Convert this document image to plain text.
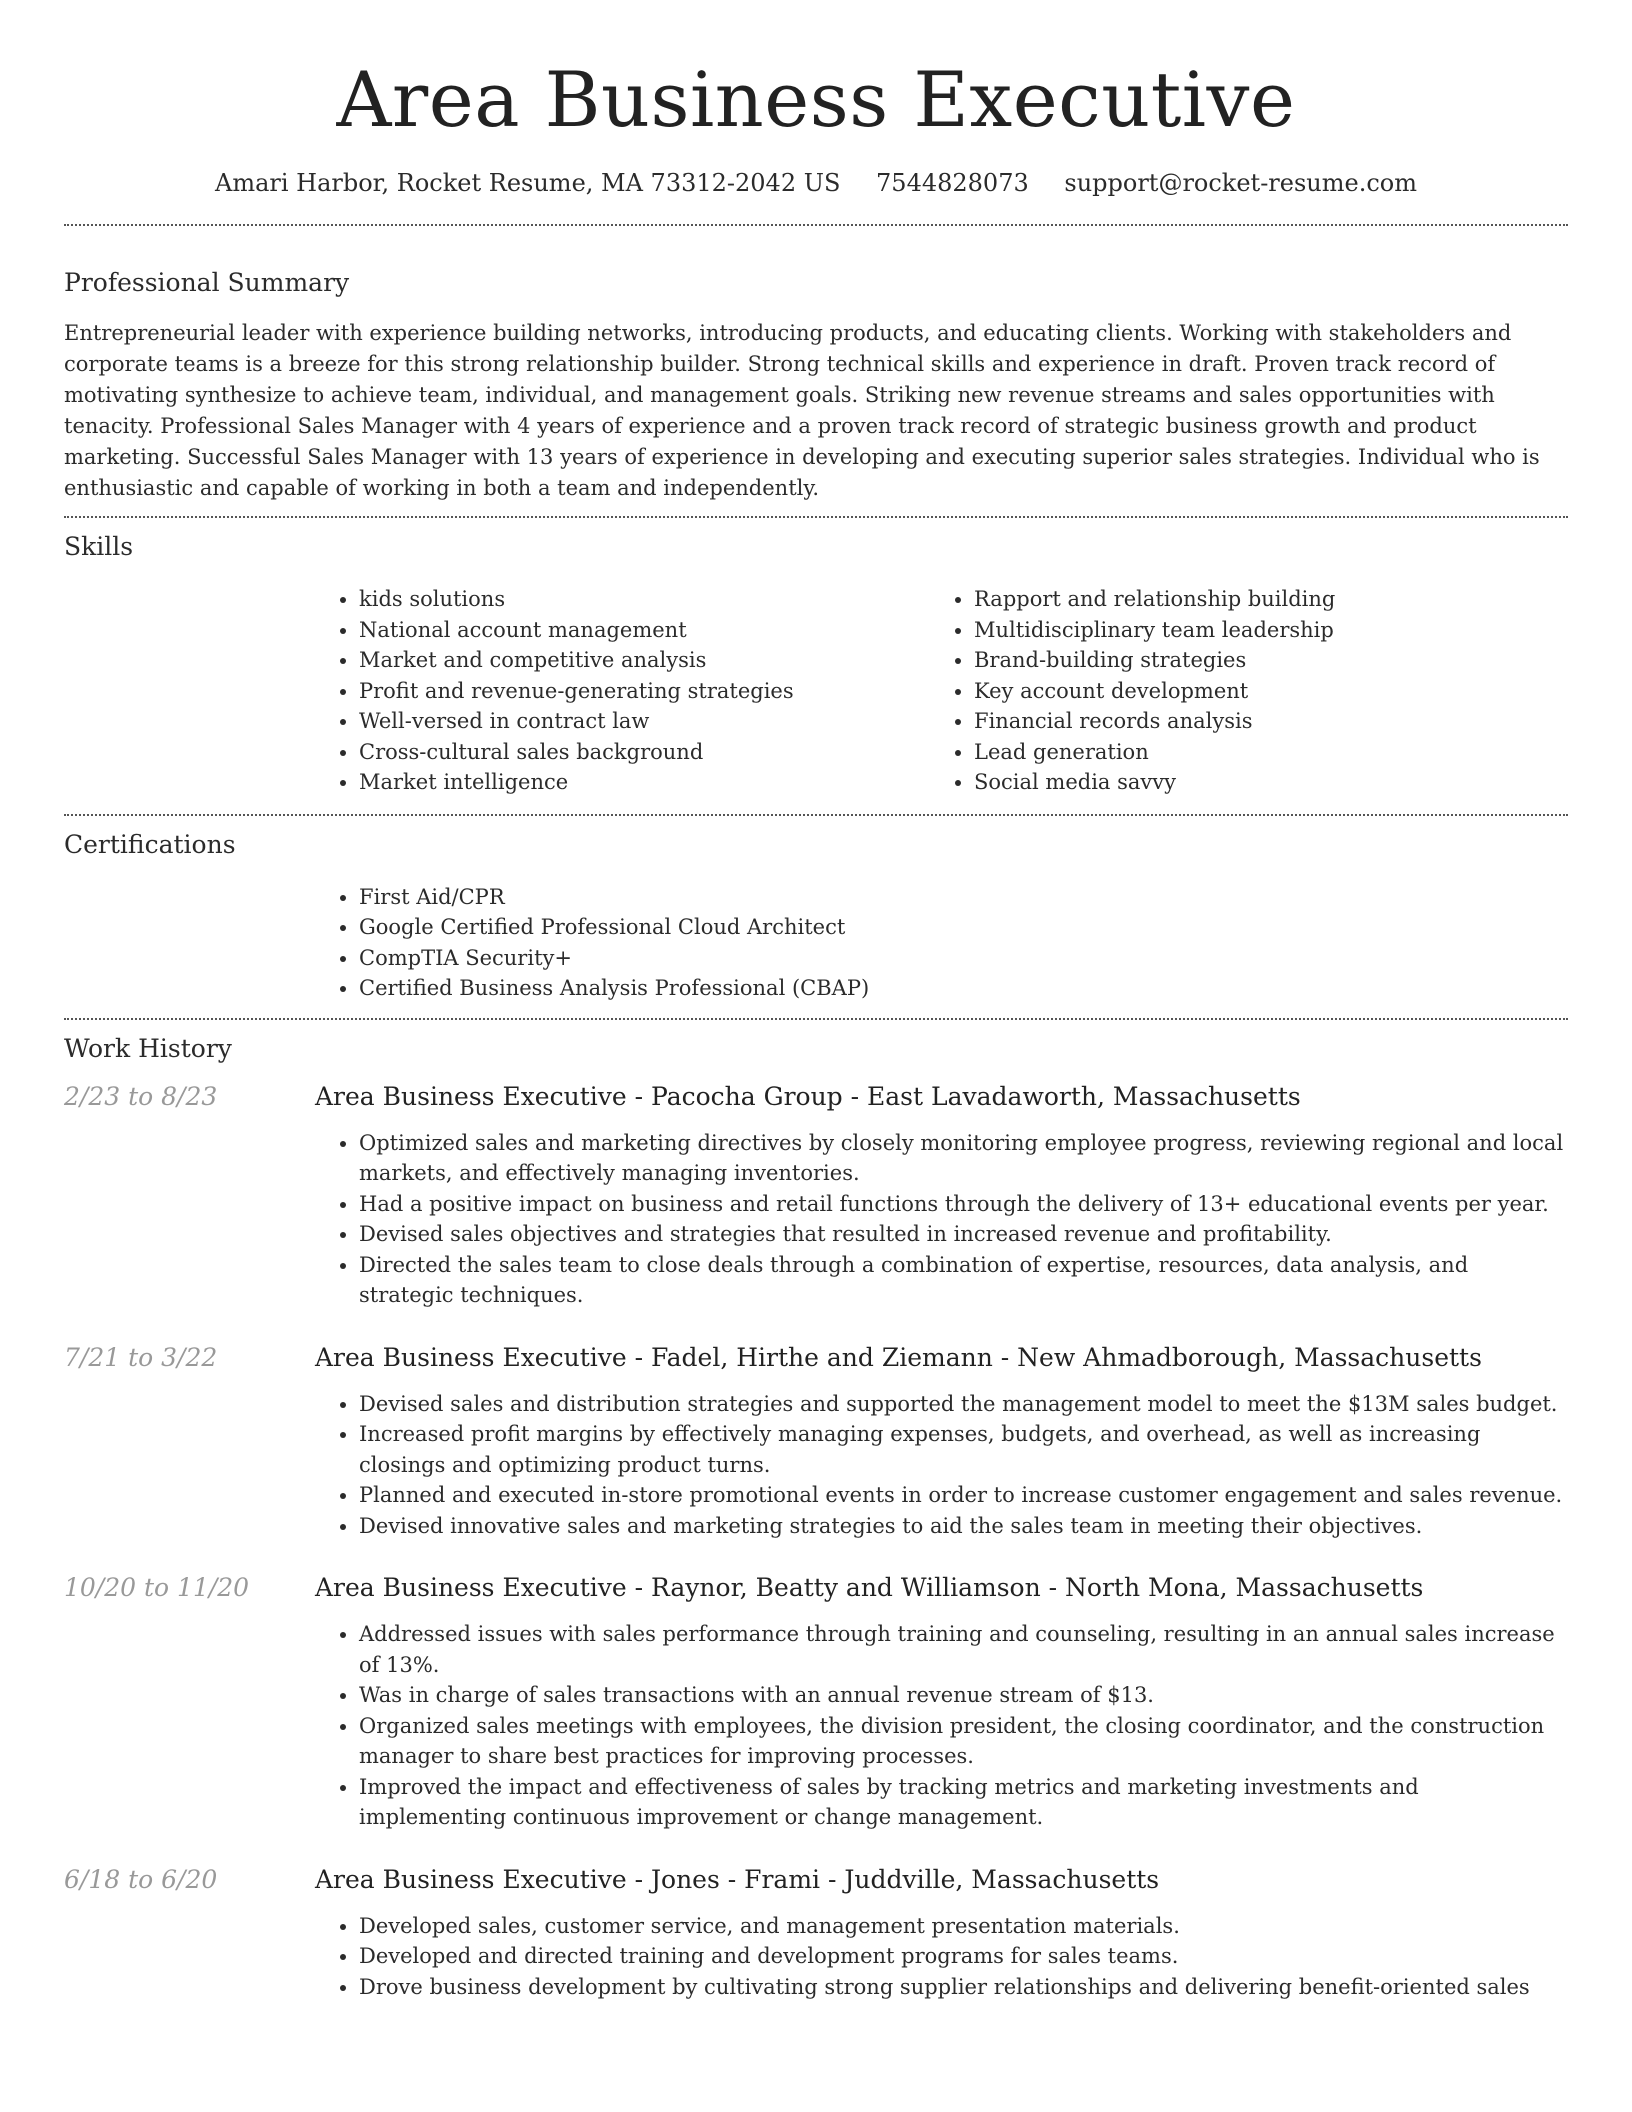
Area Business Executive
Amari Harbor, Rocket Resume, MA 73312-2042 US 7544828073 support@rocket-resume.com
Professional Summary

Entrepreneurial leader with experience building networks, introducing products, and educating clients. Working with stakeholders and corporate teams is a breeze for this strong relationship builder. Strong technical skills and experience in draft. Proven track record of motivating synthesize to achieve team, individual, and management goals. Striking new revenue streams and sales opportunities with tenacity. Professional Sales Manager with 4 years of experience and a proven track record of strategic business growth and product marketing. Successful Sales Manager with 13 years of experience in developing and executing superior sales strategies. Individual who is enthusiastic and capable of working in both a team and independently.

Skills
• kids solutions
• National account management
• Market and competitive analysis
• Profit and revenue-generating strategies
• Well-versed in contract law
• Cross-cultural sales background
• Market intelligence
• Rapport and relationship building
• Multidisciplinary team leadership
• Brand-building strategies
• Key account development
• Financial records analysis
• Lead generation
• Social media savvy
Certifications
• First Aid/CPR
• Google Certified Professional Cloud Architect
• CompTIA Security+
• Certified Business Analysis Professional (CBAP)
Work History
2/23 to 8/23	Area Business Executive - Pacocha Group - East Lavadaworth, Massachusetts
• Optimized sales and marketing directives by closely monitoring employee progress, reviewing regional and local markets, and effectively managing inventories.
• Had a positive impact on business and retail functions through the delivery of 13+ educational events per year.
• Devised sales objectives and strategies that resulted in increased revenue and profitability.
• Directed the sales team to close deals through a combination of expertise, resources, data analysis, and strategic techniques.
7/21 to 3/22	Area Business Executive - Fadel, Hirthe and Ziemann - New Ahmadborough, Massachusetts
• Devised sales and distribution strategies and supported the management model to meet the $13M sales budget.
• Increased profit margins by effectively managing expenses, budgets, and overhead, as well as increasing closings and optimizing product turns.
• Planned and executed in-store promotional events in order to increase customer engagement and sales revenue.
• Devised innovative sales and marketing strategies to aid the sales team in meeting their objectives.
10/20 to 11/20	Area Business Executive - Raynor, Beatty and Williamson - North Mona, Massachusetts
• Addressed issues with sales performance through training and counseling, resulting in an annual sales increase of 13%.
• Was in charge of sales transactions with an annual revenue stream of $13.
• Organized sales meetings with employees, the division president, the closing coordinator, and the construction manager to share best practices for improving processes.
• Improved the impact and effectiveness of sales by tracking metrics and marketing investments and implementing continuous improvement or change management.
6/18 to 6/20	Area Business Executive - Jones - Frami - Juddville, Massachusetts
• Developed sales, customer service, and management presentation materials.
• Developed and directed training and development programs for sales teams.
• Drove business development by cultivating strong supplier relationships and delivering benefit-oriented sales
